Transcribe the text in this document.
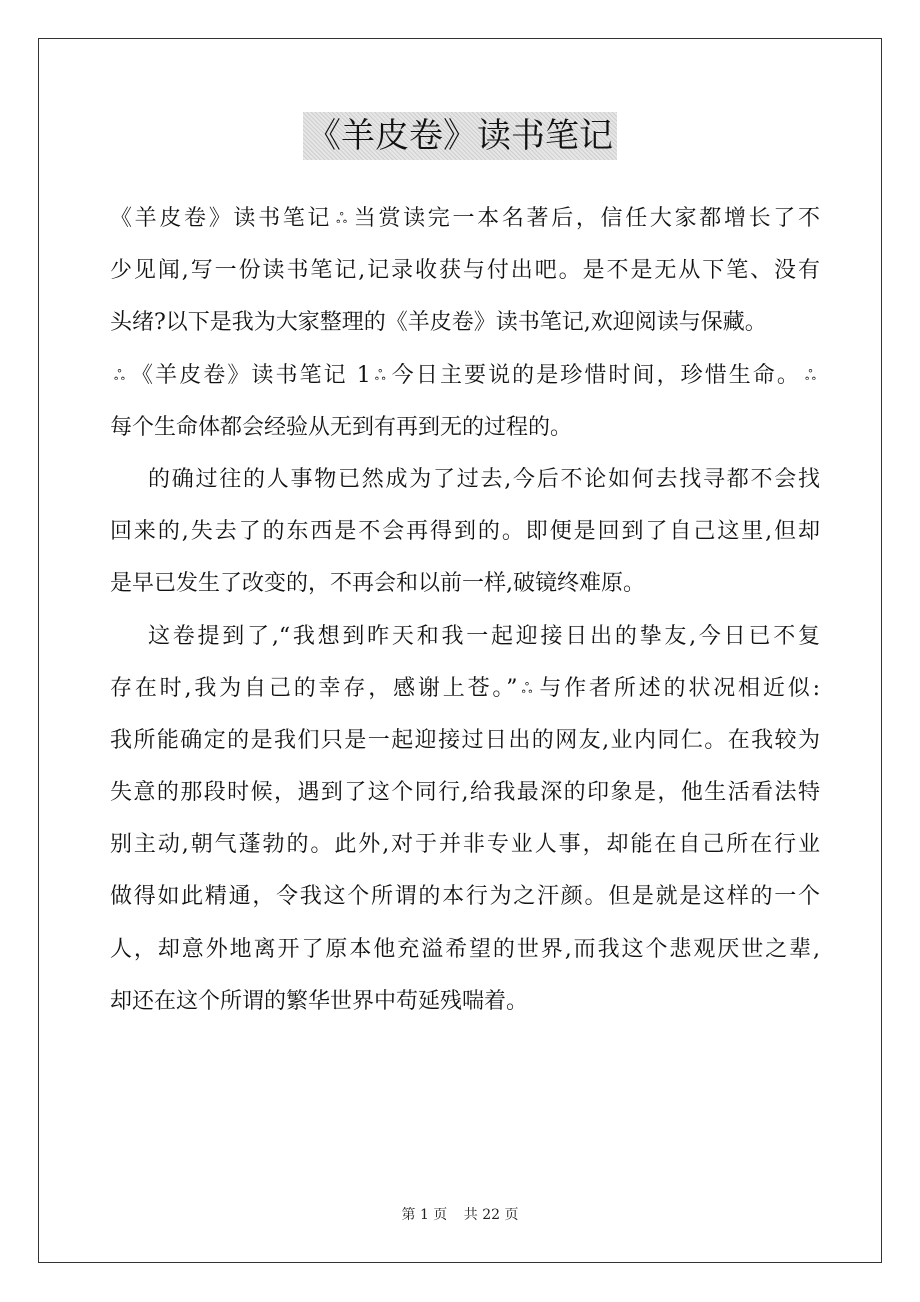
《羊皮卷》读书笔记
《羊皮卷》读书笔记 ஃ 当赏读完一本名著后，信任大家都增长了不
少见闻,写一份读书笔记,记录收获与付出吧。是不是无从下笔、没有
头绪?以下是我为大家整理的《羊皮卷》读书笔记,欢迎阅读与保藏。
ஃ 《羊皮卷》读书笔记 1 ஃ 今日主要说的是珍惜时间，珍惜生命。 ஃ
每个生命体都会经验从无到有再到无的过程的。
的确过往的人事物已然成为了过去,今后不论如何去找寻都不会找
回来的,失去了的东西是不会再得到的。即便是回到了自己这里,但却
是早已发生了改变的，不再会和以前一样,破镜终难原。
这卷提到了,“我想到昨天和我一起迎接日出的挚友,今日已不复
存在时,我为自己的幸存，感谢上苍。” ஃ 与作者所述的状况相近似:
我所能确定的是我们只是一起迎接过日出的网友,业内同仁。在我较为
失意的那段时候，遇到了这个同行,给我最深的印象是，他生活看法特
别主动,朝气蓬勃的。此外,对于并非专业人事，却能在自己所在行业
做得如此精通，令我这个所谓的本行为之汗颜。但是就是这样的一个
人，却意外地离开了原本他充溢希望的世界,而我这个悲观厌世之辈,
却还在这个所谓的繁华世界中苟延残喘着。
第 1 页 共 22 页
